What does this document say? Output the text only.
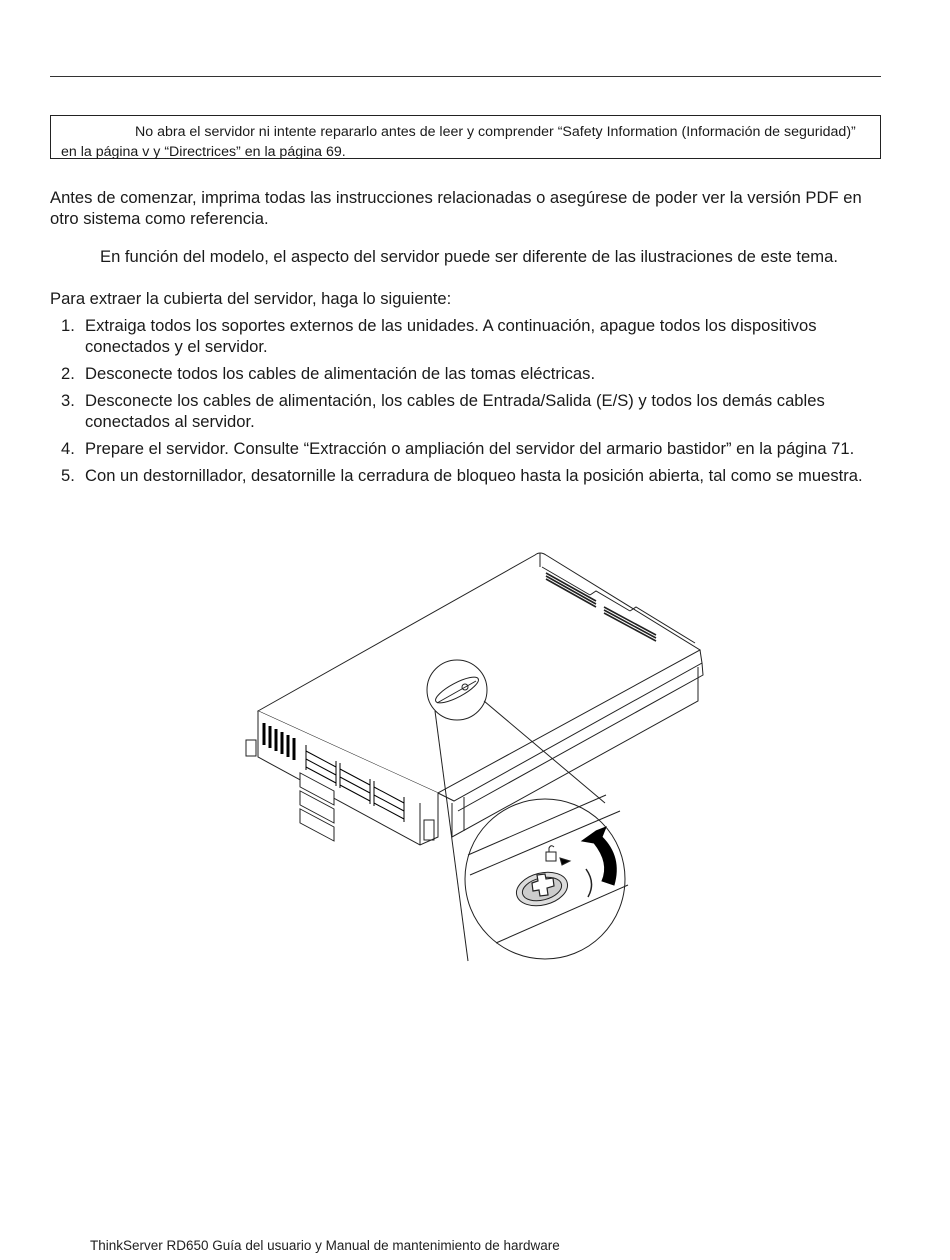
No abra el servidor ni intente repararlo antes de leer y comprender “Safety Information (Información de seguridad)” en la página v y “Directrices” en la página 69.
Antes de comenzar, imprima todas las instrucciones relacionadas o asegúrese de poder ver la versión PDF en otro sistema como referencia.
En función del modelo, el aspecto del servidor puede ser diferente de las ilustraciones de este tema.
Para extraer la cubierta del servidor, haga lo siguiente:
1. Extraiga todos los soportes externos de las unidades. A continuación, apague todos los dispositivos conectados y el servidor.
2. Desconecte todos los cables de alimentación de las tomas eléctricas.
3. Desconecte los cables de alimentación, los cables de Entrada/Salida (E/S) y todos los demás cables conectados al servidor.
4. Prepare el servidor. Consulte “Extracción o ampliación del servidor del armario bastidor” en la página 71.
5. Con un destornillador, desatornille la cerradura de bloqueo hasta la posición abierta, tal como se muestra.
ThinkServer RD650 Guía del usuario y Manual de mantenimiento de hardware
